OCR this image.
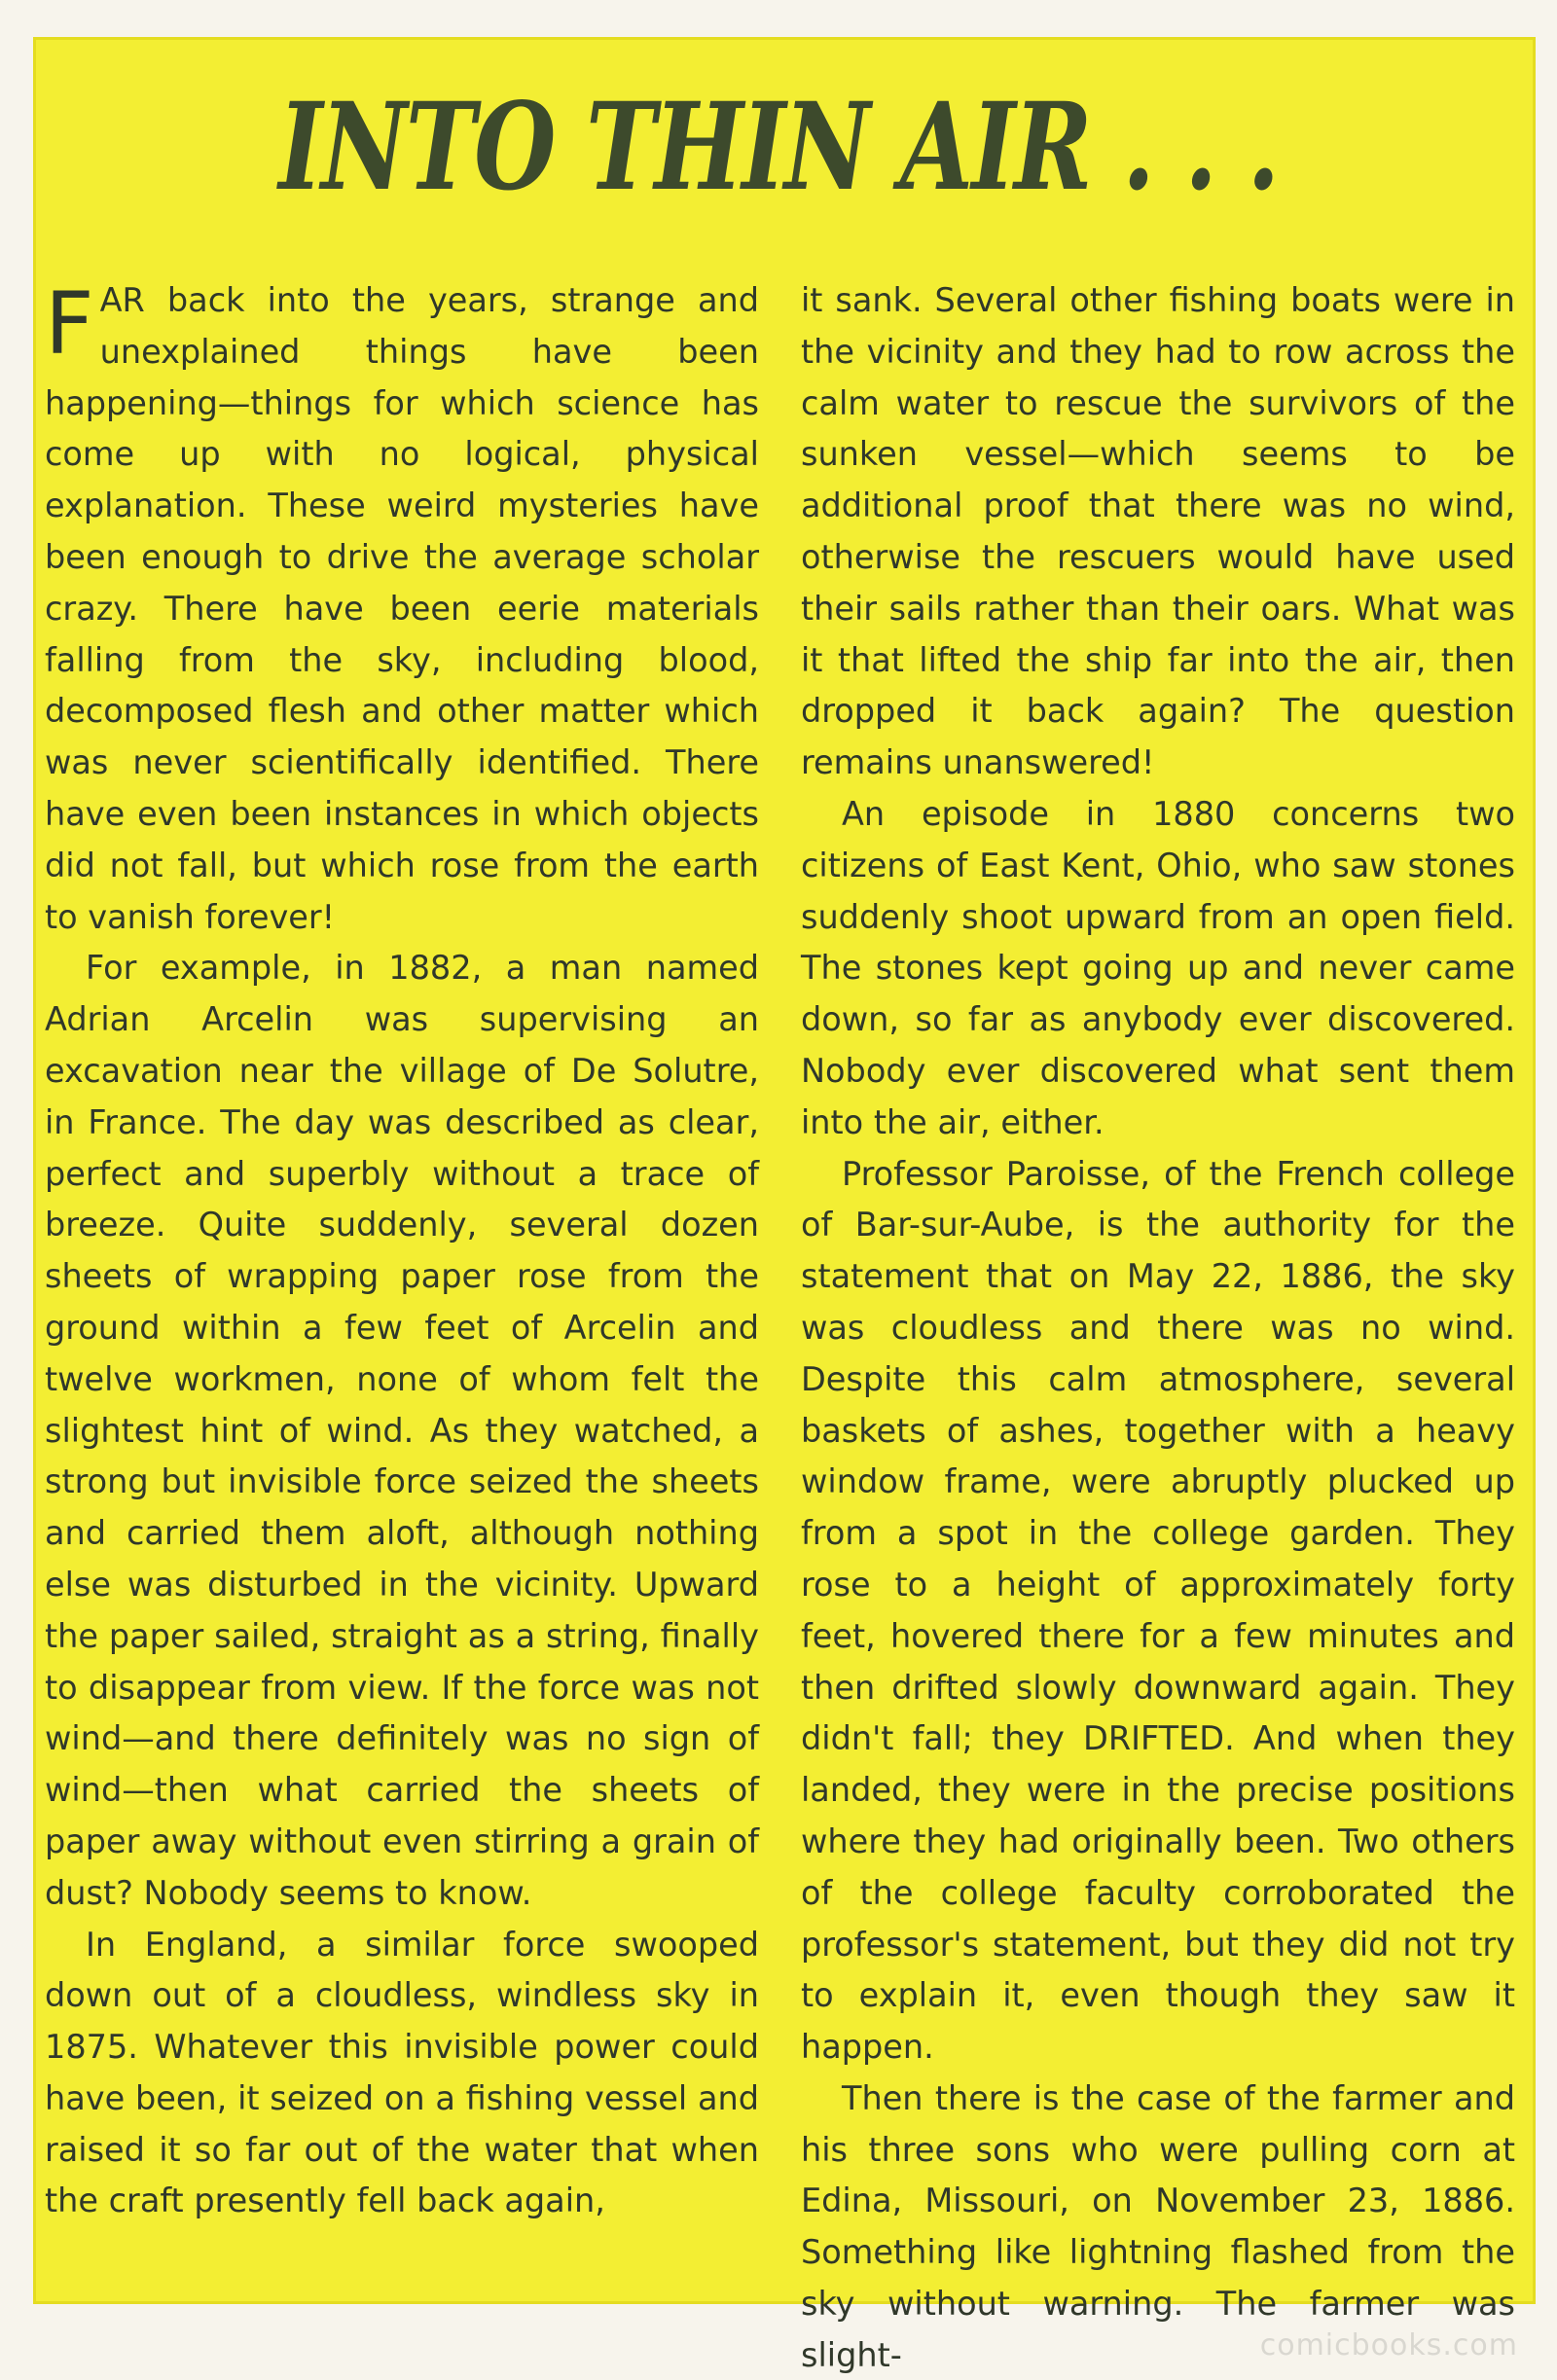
INTO THIN AIR . . .

FAR back into the years, strange and unexplained things have been happening—things for which science has come up with no logical, physical explanation. These weird mysteries have been enough to drive the average scholar crazy. There have been eerie materials falling from the sky, including blood, decomposed flesh and other matter which was never scientifically identified. There have even been instances in which objects did not fall, but which rose from the earth to vanish forever!

For example, in 1882, a man named Adrian Arcelin was supervising an excavation near the village of De Solutre, in France. The day was described as clear, perfect and superbly without a trace of breeze. Quite suddenly, several dozen sheets of wrapping paper rose from the ground within a few feet of Arcelin and twelve workmen, none of whom felt the slightest hint of wind. As they watched, a strong but invisible force seized the sheets and carried them aloft, although nothing else was disturbed in the vicinity. Upward the paper sailed, straight as a string, finally to disappear from view. If the force was not wind—and there definitely was no sign of wind—then what carried the sheets of paper away without even stirring a grain of dust? Nobody seems to know.

In England, a similar force swooped down out of a cloudless, windless sky in 1875. Whatever this invisible power could have been, it seized on a fishing vessel and raised it so far out of the water that when the craft presently fell back again,

it sank. Several other fishing boats were in the vicinity and they had to row across the calm water to rescue the survivors of the sunken vessel—which seems to be additional proof that there was no wind, otherwise the rescuers would have used their sails rather than their oars. What was it that lifted the ship far into the air, then dropped it back again? The question remains unanswered!

An episode in 1880 concerns two citizens of East Kent, Ohio, who saw stones suddenly shoot upward from an open field. The stones kept going up and never came down, so far as anybody ever discovered. Nobody ever discovered what sent them into the air, either.

Professor Paroisse, of the French college of Bar-sur-Aube, is the authority for the statement that on May 22, 1886, the sky was cloudless and there was no wind. Despite this calm atmosphere, several baskets of ashes, together with a heavy window frame, were abruptly plucked up from a spot in the college garden. They rose to a height of approximately forty feet, hovered there for a few minutes and then drifted slowly downward again. They didn't fall; they DRIFTED. And when they landed, they were in the precise positions where they had originally been. Two others of the college faculty corroborated the professor's statement, but they did not try to explain it, even though they saw it happen.

Then there is the case of the farmer and his three sons who were pulling corn at Edina, Missouri, on November 23, 1886. Something like lightning flashed from the sky without warning. The farmer was slight-	comicbooks.com
